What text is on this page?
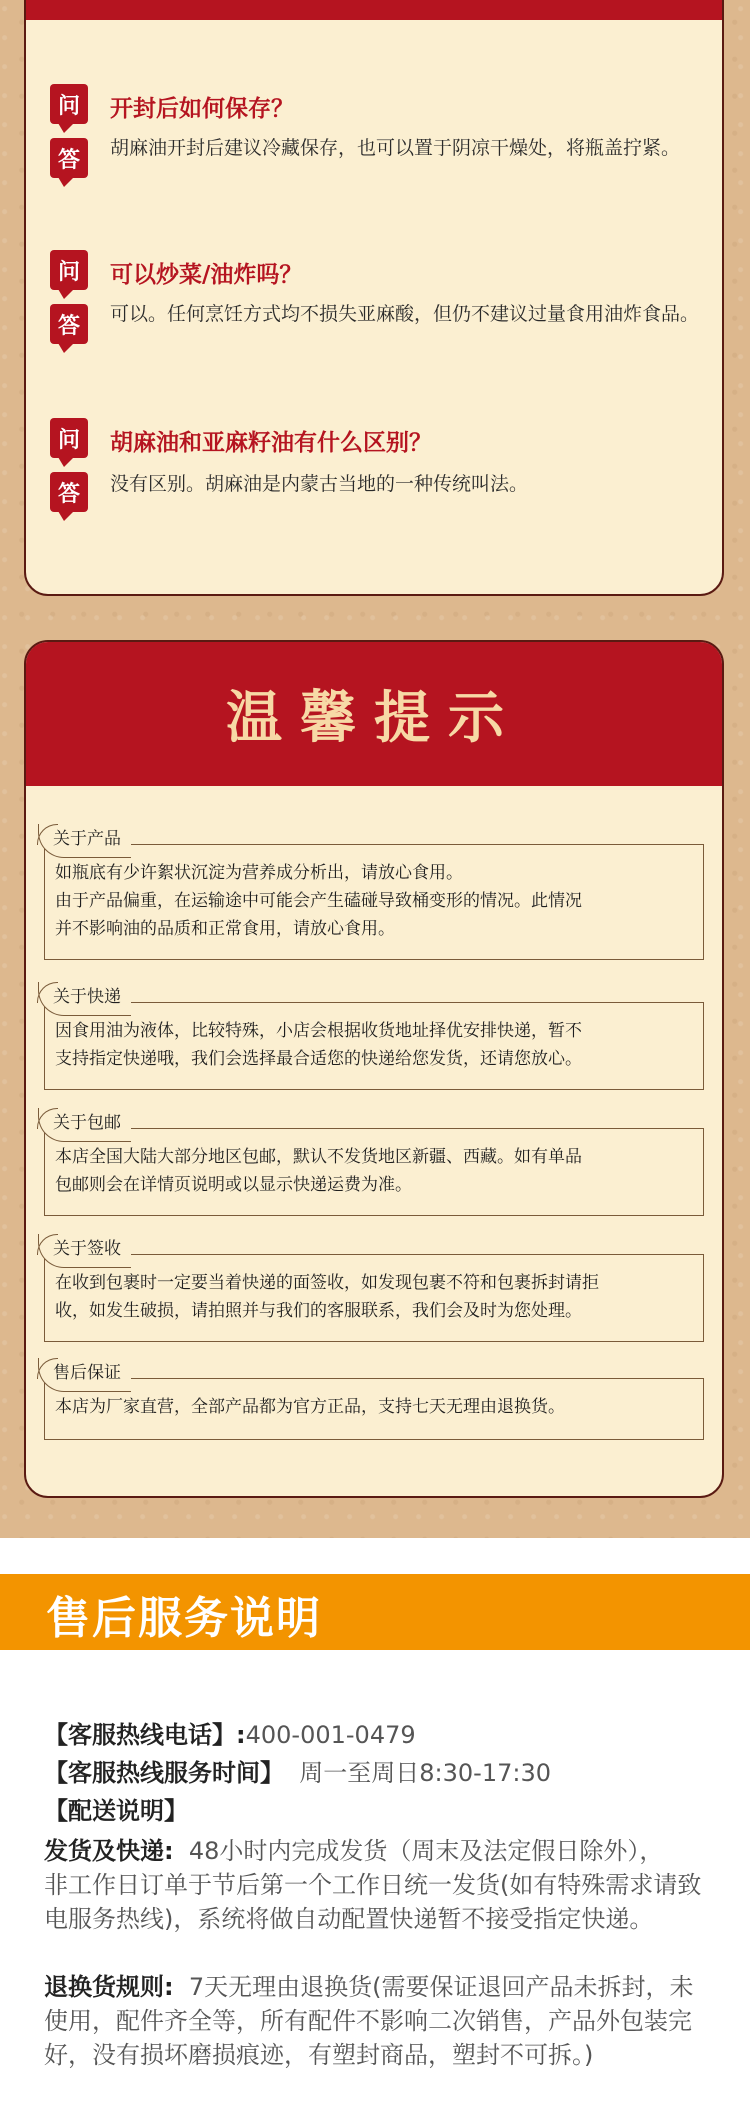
问	开封后如何保存？
答	胡麻油开封后建议冷藏保存，也可以置于阴凉干燥处，将瓶盖拧紧。
问	可以炒菜/油炸吗？
答	可以。任何烹饪方式均不损失亚麻酸，但仍不建议过量食用油炸食品。
问	胡麻油和亚麻籽油有什么区别？
答	没有区别。胡麻油是内蒙古当地的一种传统叫法。
温馨提示
关于产品
如瓶底有少许絮状沉淀为营养成分析出，请放心食用。
由于产品偏重，在运输途中可能会产生磕碰导致桶变形的情况。此情况
并不影响油的品质和正常食用，请放心食用。
关于快递
因食用油为液体，比较特殊，小店会根据收货地址择优安排快递，暂不
支持指定快递哦，我们会选择最合适您的快递给您发货，还请您放心。
关于包邮
本店全国大陆大部分地区包邮，默认不发货地区新疆、西藏。如有单品
包邮则会在详情页说明或以显示快递运费为准。
关于签收
在收到包裹时一定要当着快递的面签收，如发现包裹不符和包裹拆封请拒
收，如发生破损，请拍照并与我们的客服联系，我们会及时为您处理。
售后保证
本店为厂家直营，全部产品都为官方正品，支持七天无理由退换货。
售后服务说明
【客服热线电话】:400-001-0479
【客服热线服务时间】 周一至周日8:30-17:30
【配送说明】
发货及快递: 48小时内完成发货（周末及法定假日除外），
非工作日订单于节后第一个工作日统一发货(如有特殊需求请致
电服务热线)，系统将做自动配置快递暂不接受指定快递。
退换货规则: 7天无理由退换货(需要保证退回产品未拆封，未
使用，配件齐全等，所有配件不影响二次销售，产品外包装完
好，没有损坏磨损痕迹，有塑封商品，塑封不可拆。)
